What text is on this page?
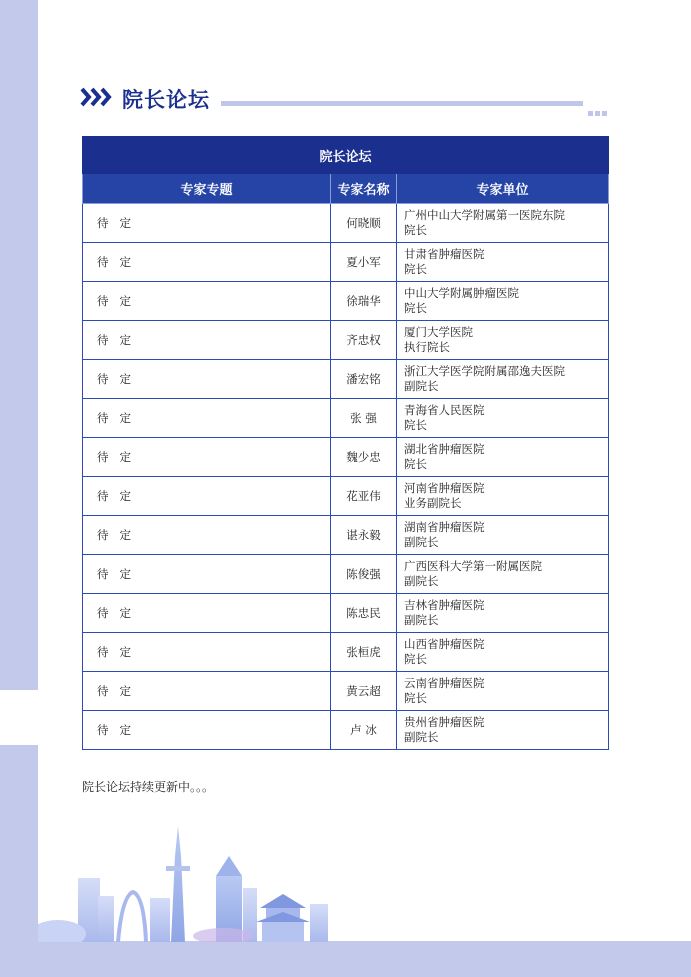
院长论坛
院长论坛		
专家专题	专家名称	专家单位
待定	何晓顺	广州中山大学附属第一医院东院
院长

待定	夏小军	甘肃省肿瘤医院
院长

待定	徐瑞华	中山大学附属肿瘤医院
院长

待定	齐忠权	厦门大学医院
执行院长

待定	潘宏铭	浙江大学医学院附属邵逸夫医院
副院长

待定	张 强	青海省人民医院
院长

待定	魏少忠	湖北省肿瘤医院
院长

待定	花亚伟	河南省肿瘤医院
业务副院长

待定	谌永毅	湖南省肿瘤医院
副院长

待定	陈俊强	广西医科大学第一附属医院
副院长

待定	陈忠民	吉林省肿瘤医院
副院长

待定	张桓虎	山西省肿瘤医院
院长

待定	黄云超	云南省肿瘤医院
院长

待定	卢 冰	贵州省肿瘤医院
副院长
院长论坛持续更新中。。。
